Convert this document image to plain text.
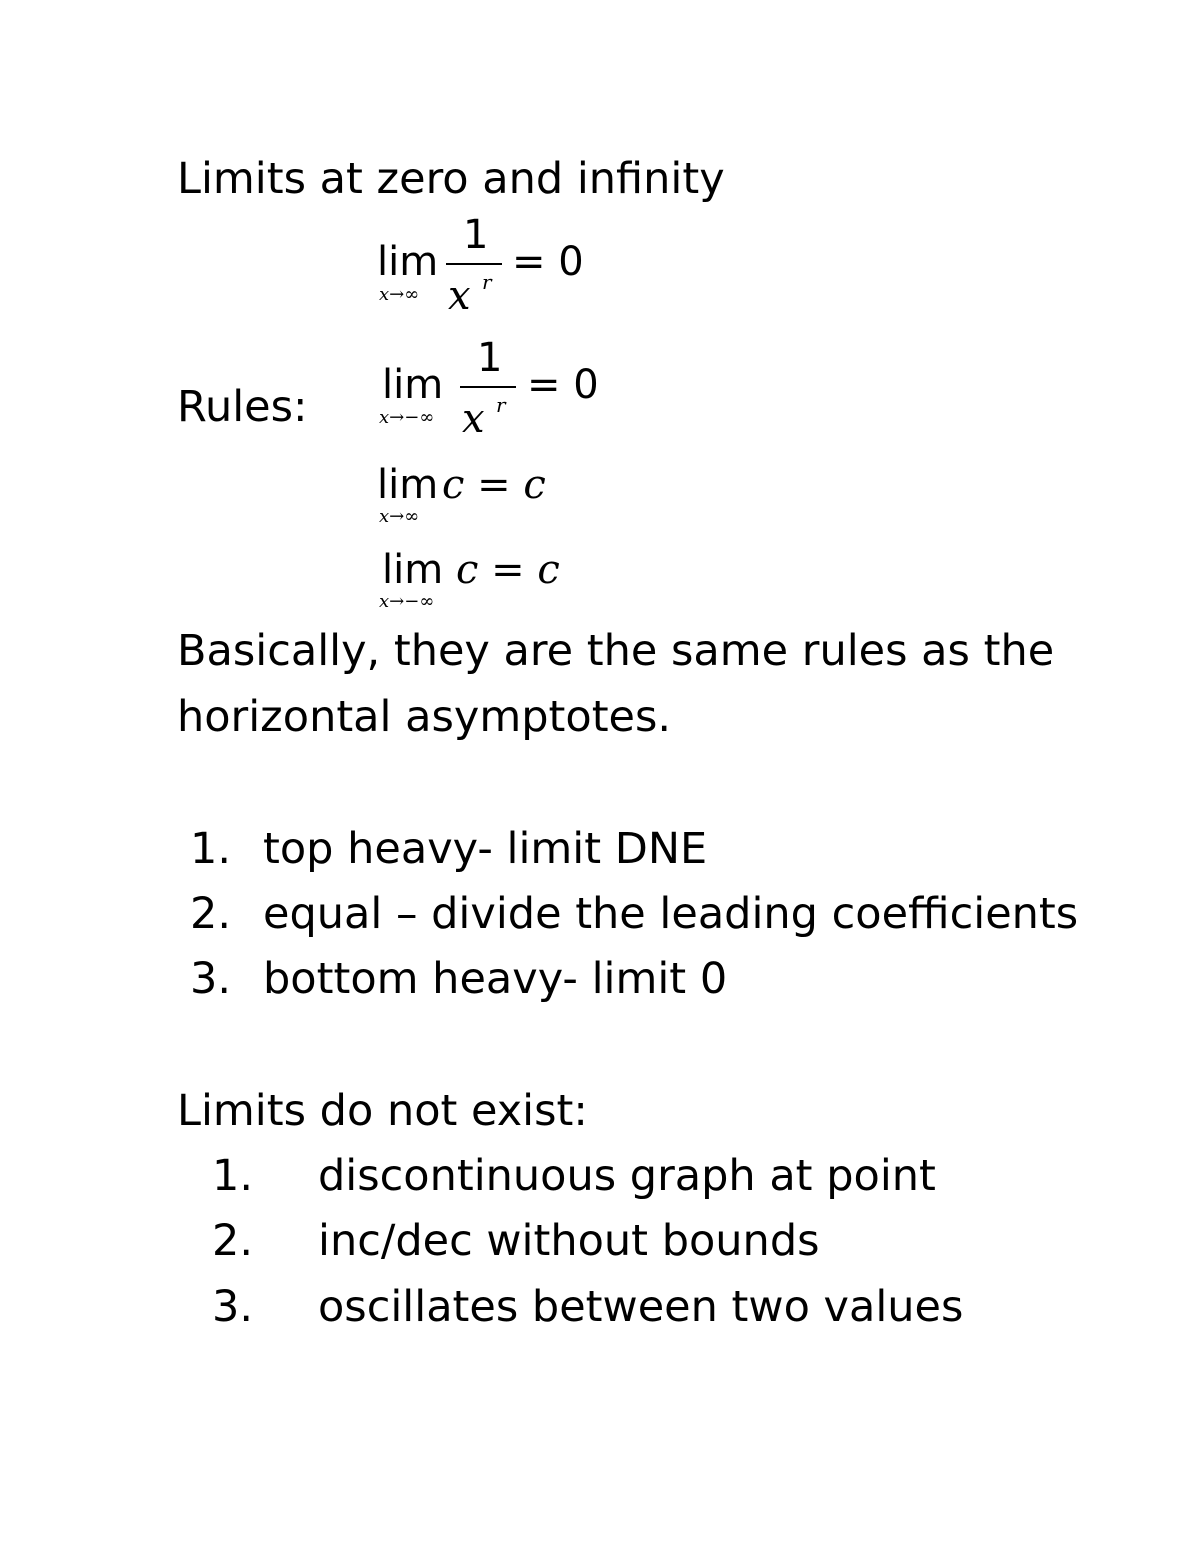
Limits at zero and infinity
lim
x→∞
1
x r = 0
Rules: lim
x→−∞
1
x r = 0
lim
x→∞
c = c
lim
x→−∞
c = c
Basically, they are the same rules as the
horizontal asymptotes.
1. top heavy- limit DNE
2. equal – divide the leading coefficients
3. bottom heavy- limit 0
Limits do not exist:
1. discontinuous graph at point
2. inc/dec without bounds
3. oscillates between two values
